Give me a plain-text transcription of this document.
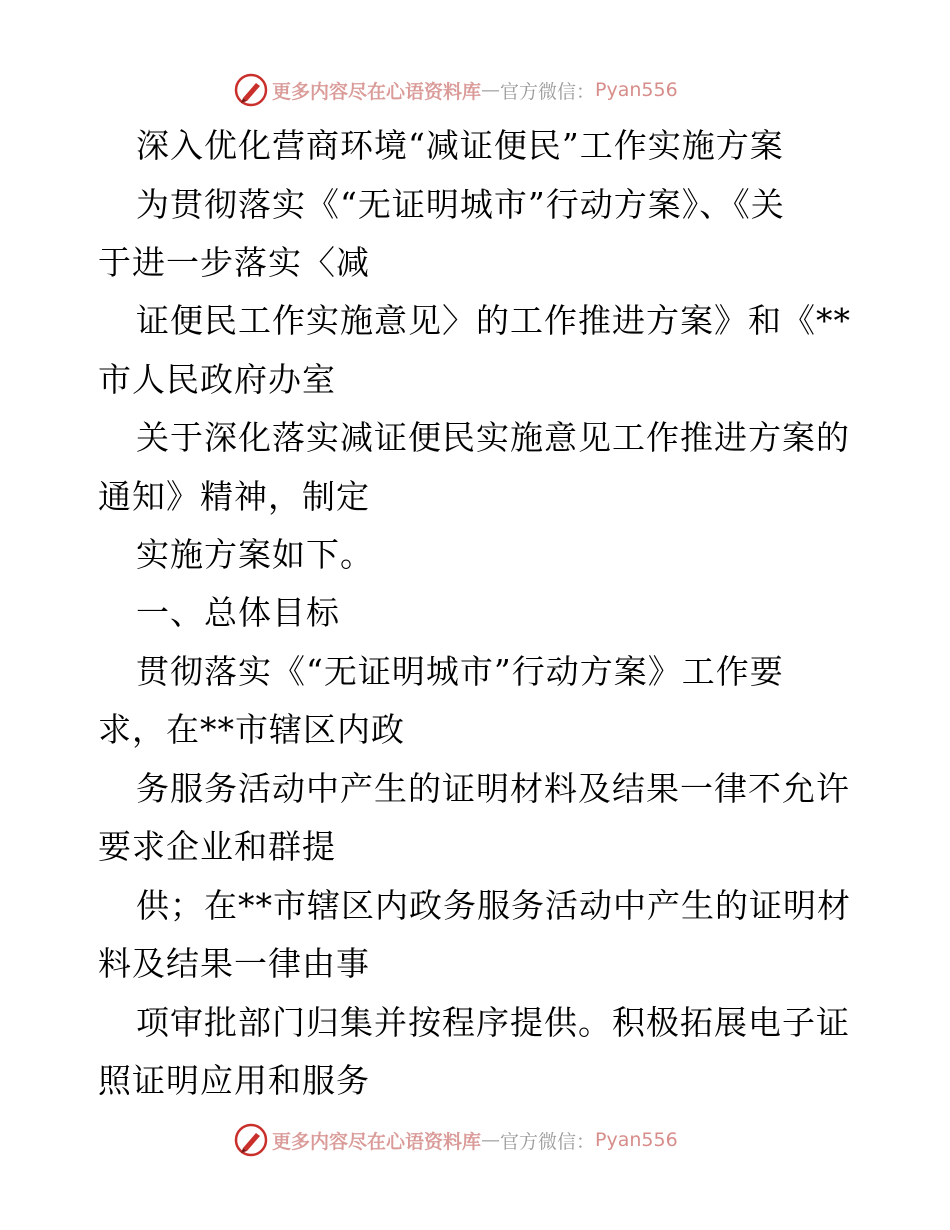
更多内容尽在心语资料库 — 官方微信： Pyan556
深入优化营商环境“减证便民”工作实施方案
为贯彻落实《“无证明城市”行动方案》、《关
于进一步落实〈减
证便民工作实施意见〉的工作推进方案》和《**
市人民政府办室
关于深化落实减证便民实施意见工作推进方案的
通知》精神，制定
实施方案如下。
一、总体目标
贯彻落实《“无证明城市”行动方案》工作要
求，在**市辖区内政
务服务活动中产生的证明材料及结果一律不允许
要求企业和群提
供；在**市辖区内政务服务活动中产生的证明材
料及结果一律由事
项审批部门归集并按程序提供。积极拓展电子证
照证明应用和服务
更多内容尽在心语资料库 — 官方微信： Pyan556
